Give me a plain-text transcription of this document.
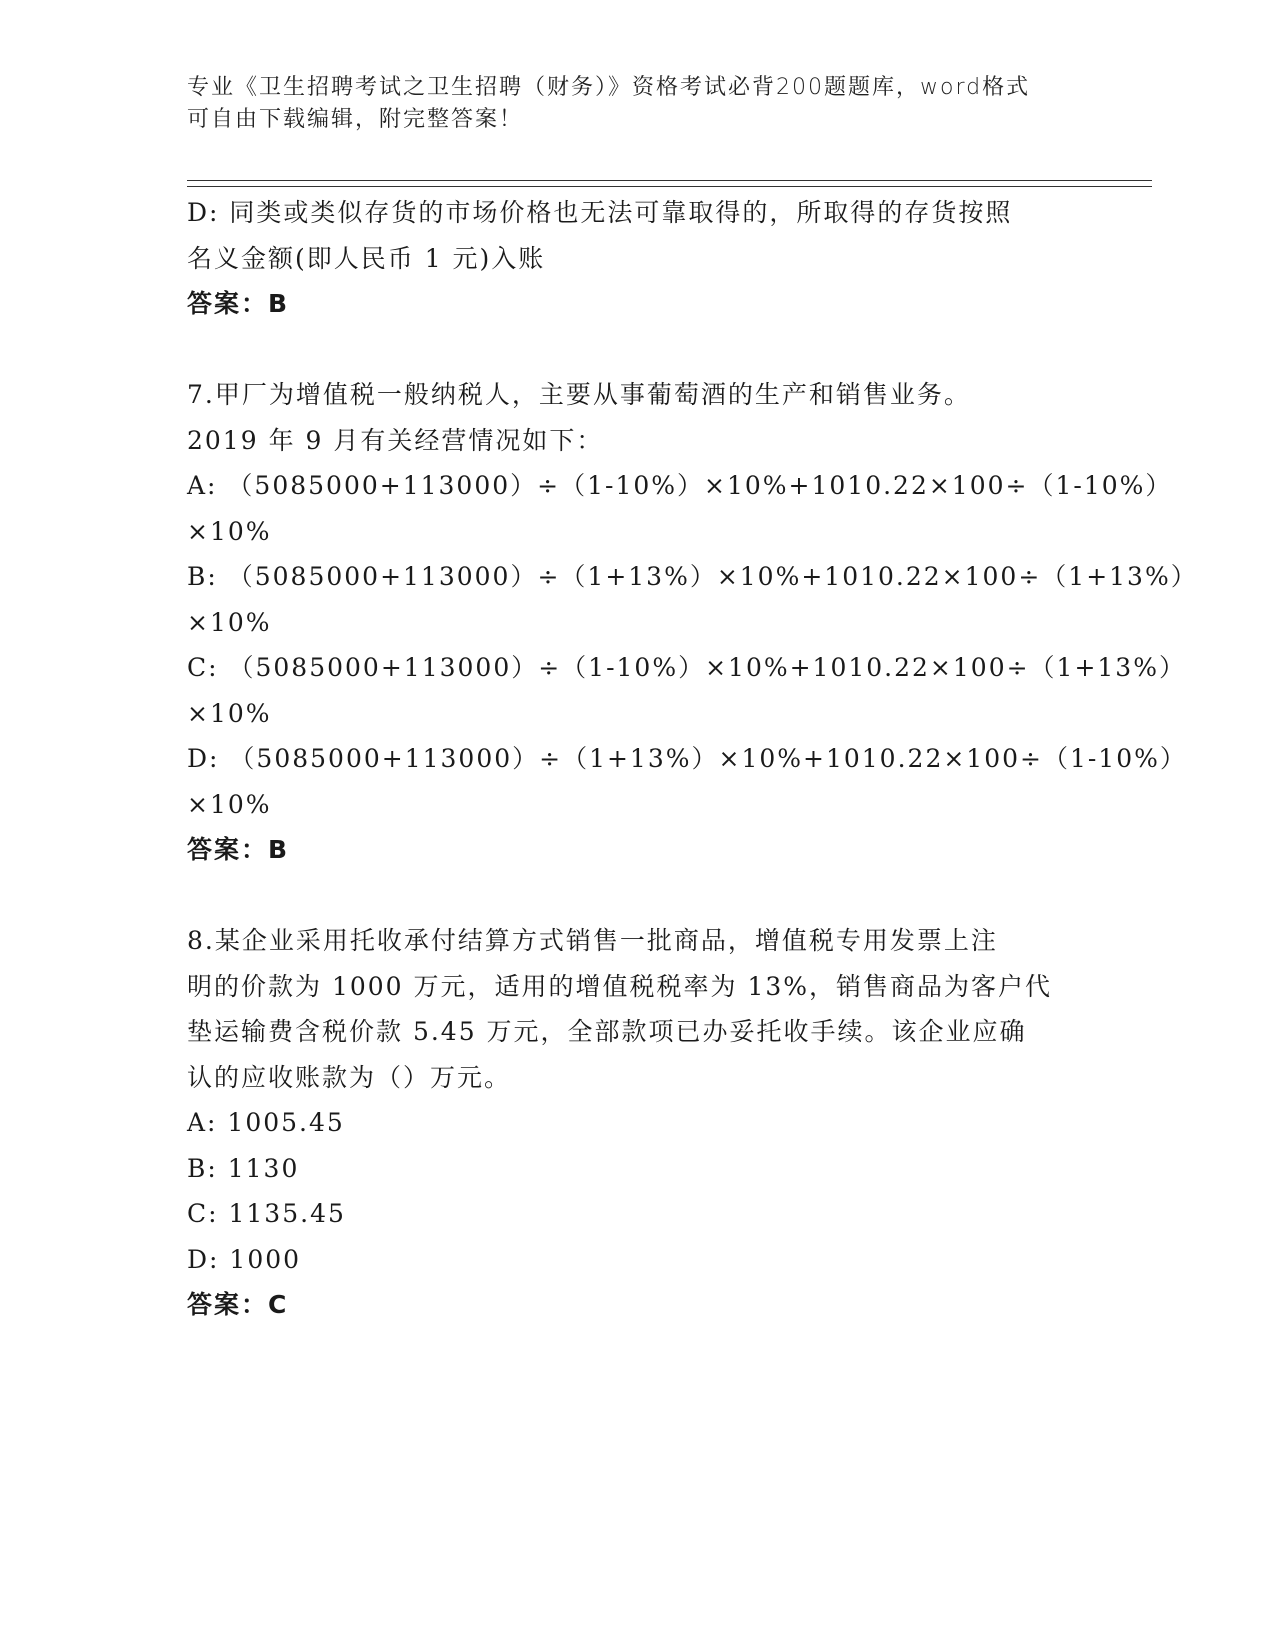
专业《卫生招聘考试之卫生招聘（财务）》资格考试必背200题题库，word格式
可自由下载编辑，附完整答案！
D: 同类或类似存货的市场价格也无法可靠取得的，所取得的存货按照
名义金额(即人民币 1 元)入账
答案：B
7.甲厂为增值税一般纳税人，主要从事葡萄酒的生产和销售业务。
2019 年 9 月有关经营情况如下：
A: （5085000+113000）÷（1-10%）×10%+1010.22×100÷（1-10%）
×10%
B: （5085000+113000）÷（1+13%）×10%+1010.22×100÷（1+13%）
×10%
C: （5085000+113000）÷（1-10%）×10%+1010.22×100÷（1+13%）
×10%
D: （5085000+113000）÷（1+13%）×10%+1010.22×100÷（1-10%）
×10%
答案：B
8.某企业采用托收承付结算方式销售一批商品，增值税专用发票上注
明的价款为 1000 万元，适用的增值税税率为 13%，销售商品为客户代
垫运输费含税价款 5.45 万元，全部款项已办妥托收手续。该企业应确
认的应收账款为（）万元。
A: 1005.45
B: 1130
C: 1135.45
D: 1000
答案：C
